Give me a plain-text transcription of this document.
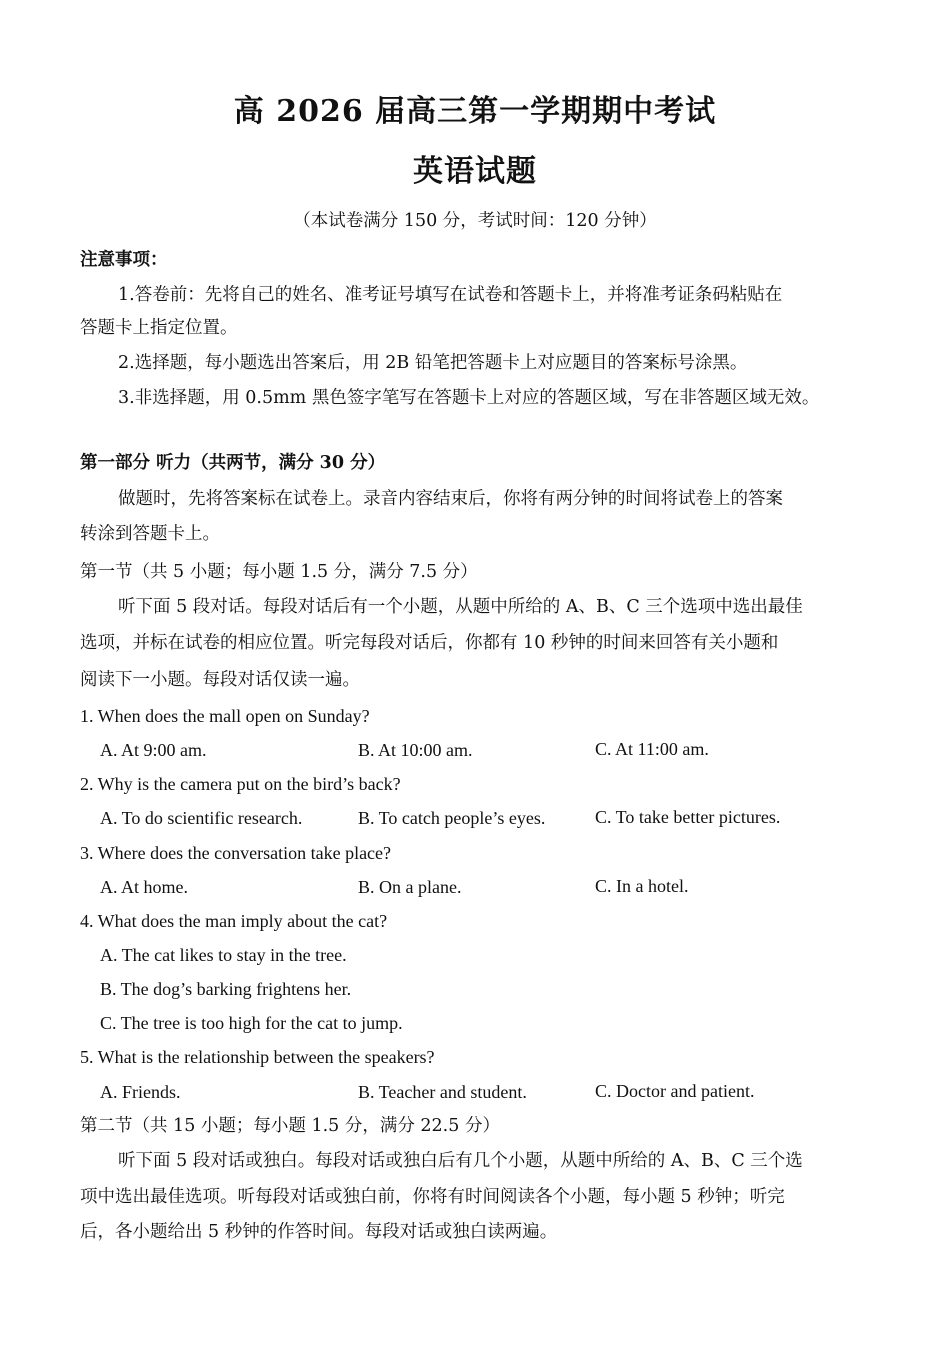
高 2026 届高三第一学期期中考试
英语试题
（本试卷满分 150 分，考试时间：120 分钟）
注意事项：
1.答卷前：先将自己的姓名、准考证号填写在试卷和答题卡上，并将准考证条码粘贴在
答题卡上指定位置。
2.选择题，每小题选出答案后，用 2B 铅笔把答题卡上对应题目的答案标号涂黑。
3.非选择题，用 0.5mm 黑色签字笔写在答题卡上对应的答题区域，写在非答题区域无效。
第一部分 听力（共两节，满分 30 分）
做题时，先将答案标在试卷上。录音内容结束后，你将有两分钟的时间将试卷上的答案
转涂到答题卡上。
第一节（共 5 小题；每小题 1.5 分，满分 7.5 分）
听下面 5 段对话。每段对话后有一个小题，从题中所给的 A、B、C 三个选项中选出最佳
选项，并标在试卷的相应位置。听完每段对话后，你都有 10 秒钟的时间来回答有关小题和
阅读下一小题。每段对话仅读一遍。
1. When does the mall open on Sunday?
A. At 9:00 am.	B. At 10:00 am.	C. At 11:00 am.
2. Why is the camera put on the bird’s back?
A. To do scientific research.	B. To catch people’s eyes.	C. To take better pictures.
3. Where does the conversation take place?
A. At home.	B. On a plane.	C. In a hotel.
4. What does the man imply about the cat?
A. The cat likes to stay in the tree.
B. The dog’s barking frightens her.
C. The tree is too high for the cat to jump.
5. What is the relationship between the speakers?
A. Friends.	B. Teacher and student.	C. Doctor and patient.
第二节（共 15 小题；每小题 1.5 分，满分 22.5 分）
听下面 5 段对话或独白。每段对话或独白后有几个小题，从题中所给的 A、B、C 三个选
项中选出最佳选项。听每段对话或独白前，你将有时间阅读各个小题，每小题 5 秒钟；听完
后，各小题给出 5 秒钟的作答时间。每段对话或独白读两遍。
